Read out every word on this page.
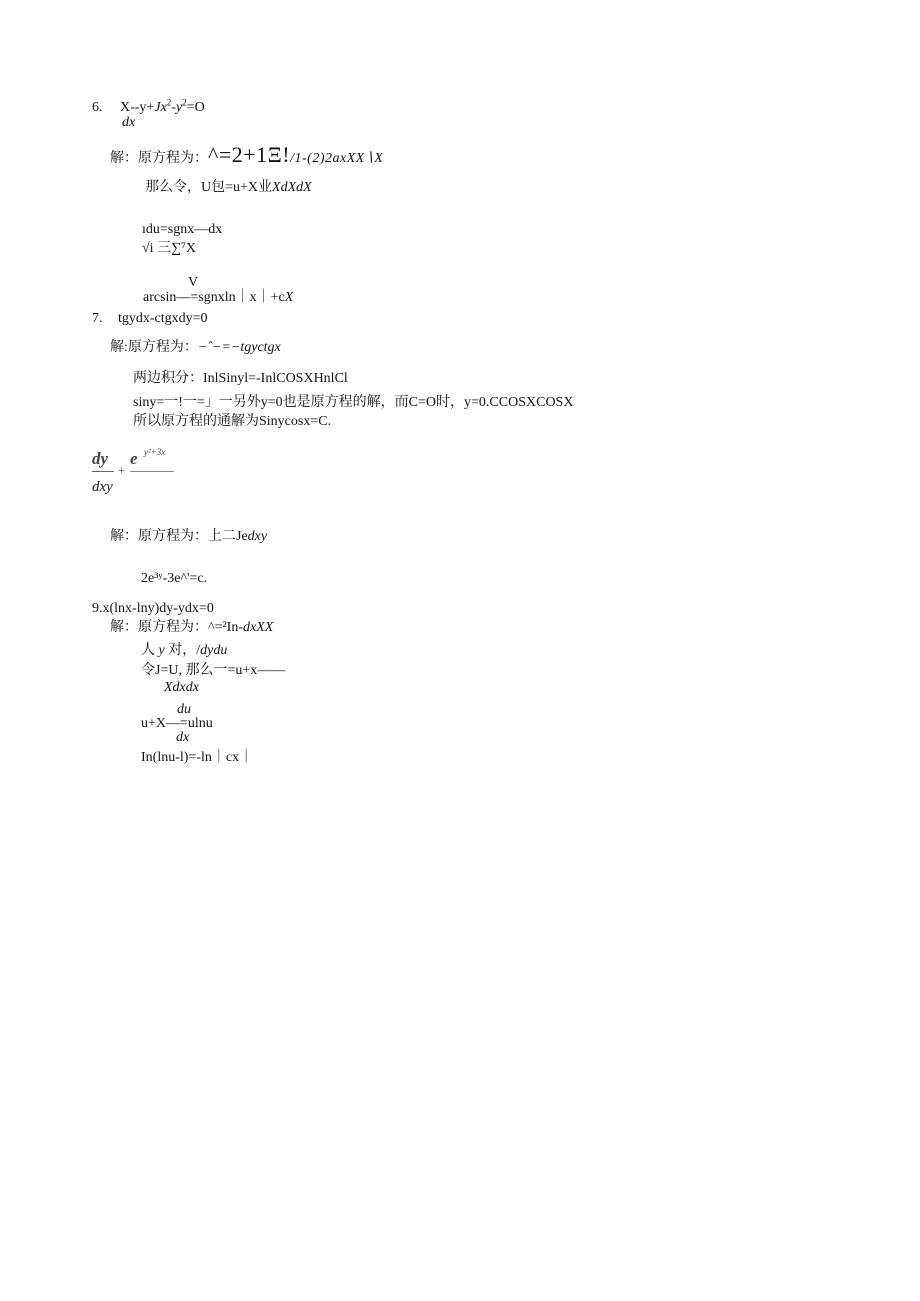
6. $X--y+Jx^2-y^2=O$
dx
解：原方程为：^=2+1Ξ!/1-(2)2axXX∖X
那么令，U包=u+X业XdXdX
ıdu=sgnx—dx
√i 三∑⁷X
V
arcsin—=sgnxln｜x｜+cX
7. tgydx-ctgxdy=0
解:原方程为：−ˆ−=−tgyctgx
两边积分：InlSinyl=-InlCOSXHnlCl
siny=一!一=」一另外y=0也是原方程的解，而C=O时，y=0.CCOSXCOSX
所以原方程的通解为Sinycosx=C.
dy
+
e y²+3x
dxy
解：原方程为：上二Jedxy
2e³ʸ-3e^'=c.
9.x(lnx-lny)dy-ydx=0
解：原方程为：^=²In-dxXX
人 y 对，/dydu
令J=U, 那么一=u+x——
Xdxdx
du
u+X—=ulnu
dx
In(lnu-l)=-ln｜cx｜
